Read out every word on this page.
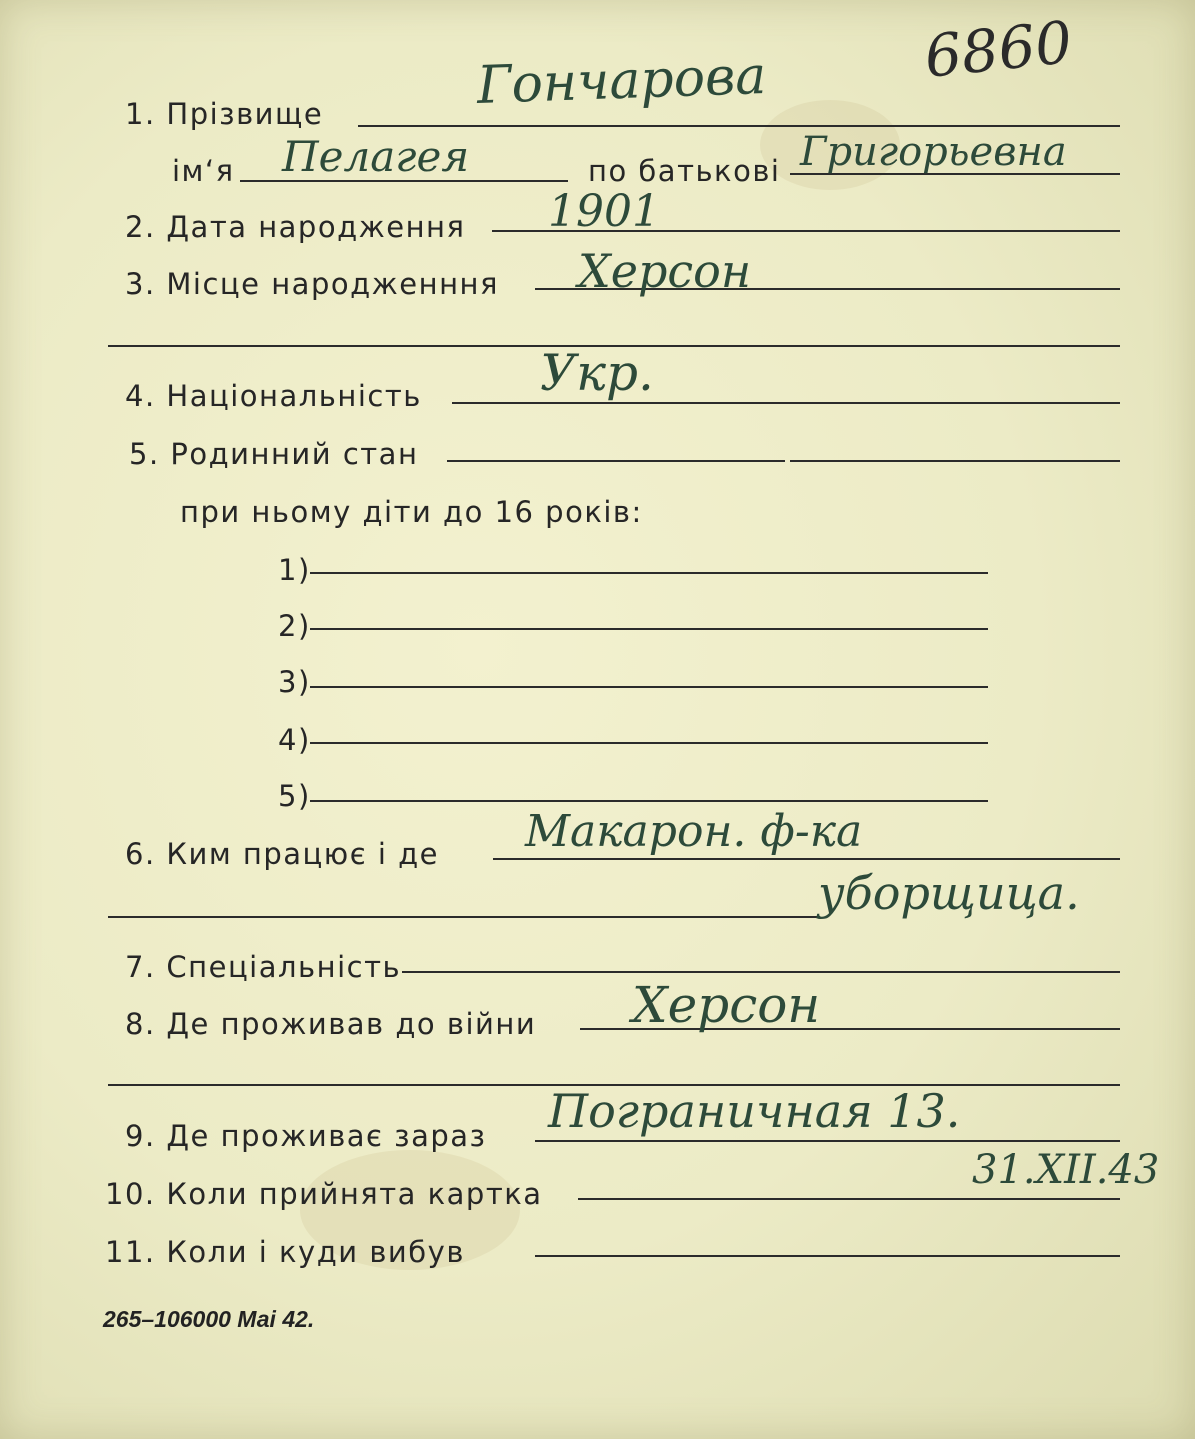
6860
1. Прізвище	Гончарова
ім‘я Пелагея	по батькові Григорьевна
2. Дата народження 1901
3. Місце народженння Херсон
4. Національність Укр.
5. Родинний стан
при ньому діти до 16 років:
1)
2)
3)
4)
5)
6. Ким працює і де Макарон. ф-ка
уборщица.
7. Спеціальність
8. Де проживав до війни Херсон
9. Де проживає зараз Пограничная 13.
10. Коли прийнята картка
31.XII.43
11. Коли і куди вибув
265–106000 Маі 42.
